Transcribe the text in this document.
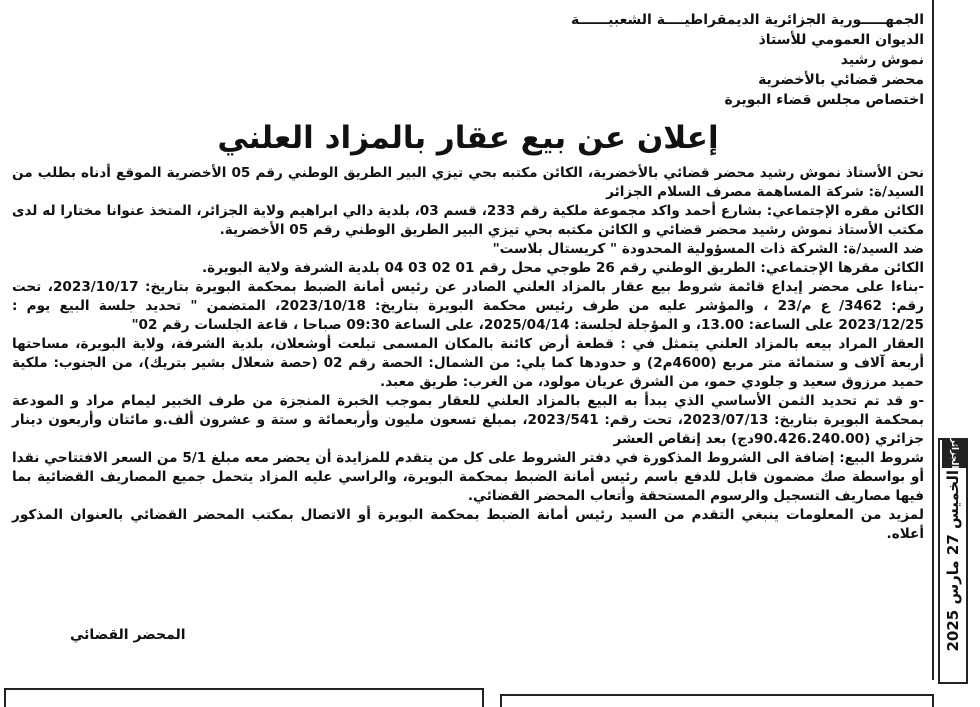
الجمهـــــورية الجزائرية الديمقراطيــــة الشعبيــــــة
الديوان العمومي للأستاذ
نموش رشيد
محضر قضائي بالأخضرية
اختصاص مجلس قضاء البويرة
إعلان عن بيع عقار بالمزاد العلني

نحن الأستاذ نموش رشيد محضر قضائي بالأخضرية، الكائن مكتبه بحي تيزي البير الطريق الوطني رقم 05 الأخضرية الموقع أدناه بطلب من السيد/ة: شركة المساهمة مصرف السلام الجزائر

الكائن مقره الإجتماعي: بشارع أحمد واكد مجموعة ملكية رقم 233، قسم 03، بلدية دالي ابراهيم ولاية الجزائر، المتخذ عنوانا مختارا له لدى مكتب الأستاذ نموش رشيد محضر قضائي و الكائن مكتبه بحي تيزي البير الطريق الوطني رقم 05 الأخضرية.

ضد السيد/ة: الشركة ذات المسؤولية المحدودة " كريستال بلاست"

الكائن مقرها الإجتماعي: الطريق الوطني رقم 26 طوجي محل رقم 01 02 03 04 بلدية الشرفة ولاية البويرة.

-بناءا على محضر إيداع قائمة شروط بيع عقار بالمزاد العلني الصادر عن رئيس أمانة الضبط بمحكمة البويرة بتاريخ: 2023/10/17، تحت رقم: 3462/ ع م/23 ، والمؤشر عليه من طرف رئيس محكمة البويرة بتاريخ: 2023/10/18، المتضمن " تحديد جلسة البيع يوم : 2023/12/25 على الساعة: 13.00، و المؤجلة لجلسة: 2025/04/14، على الساعة 09:30 صباحا ، قاعة الجلسات رقم 02"

العقار المراد بيعه بالمزاد العلني يتمثل في : قطعة أرض كائنة بالمكان المسمى تبلعت أوشعلان، بلدية الشرفة، ولاية البويرة، مساحتها أربعة آلاف و ستمائة متر مربع (4600م2) و حدودها كما يلي: من الشمال: الحصة رقم 02 (حصة شعلال بشير بتريك)، من الجنوب: ملكية حميد مرزوق سعيد و جلودي حمو، من الشرق عريان مولود، من الغرب: طريق معبد.

-و قد تم تحديد الثمن الأساسي الذي يبدأ به البيع بالمزاد العلني للعقار بموجب الخبرة المنجزة من طرف الخبير ليمام مراد و المودعة بمحكمة البويرة بتاريخ: 2023/07/13، تحت رقم: 2023/541، بمبلغ تسعون مليون وأربعمائة و ستة و عشرون ألف.و مائتان وأربعون دينار جزائري (90.426.240.00دج) بعد إنقاص العشر

شروط البيع: إضافة الى الشروط المذكورة في دفتر الشروط على كل من يتقدم للمزايدة أن يحضر معه مبلغ 5/1 من السعر الافتتاحي نقدا أو بواسطة صك مضمون قابل للدفع باسم رئيس أمانة الضبط بمحكمة البويرة، والراسي عليه المزاد يتحمل جميع المصاريف القضائية بما فيها مصاريف التسجيل والرسوم المستحقة وأتعاب المحضر القضائي.

لمزيد من المعلومات ينبغي التقدم من السيد رئيس أمانة الضبط بمحكمة البويرة أو الاتصال بمكتب المحضر القضائي بالعنوان المذكور أعلاه.

المحضر القضائي	الخميس 27 مارس 2025
الجزائر
